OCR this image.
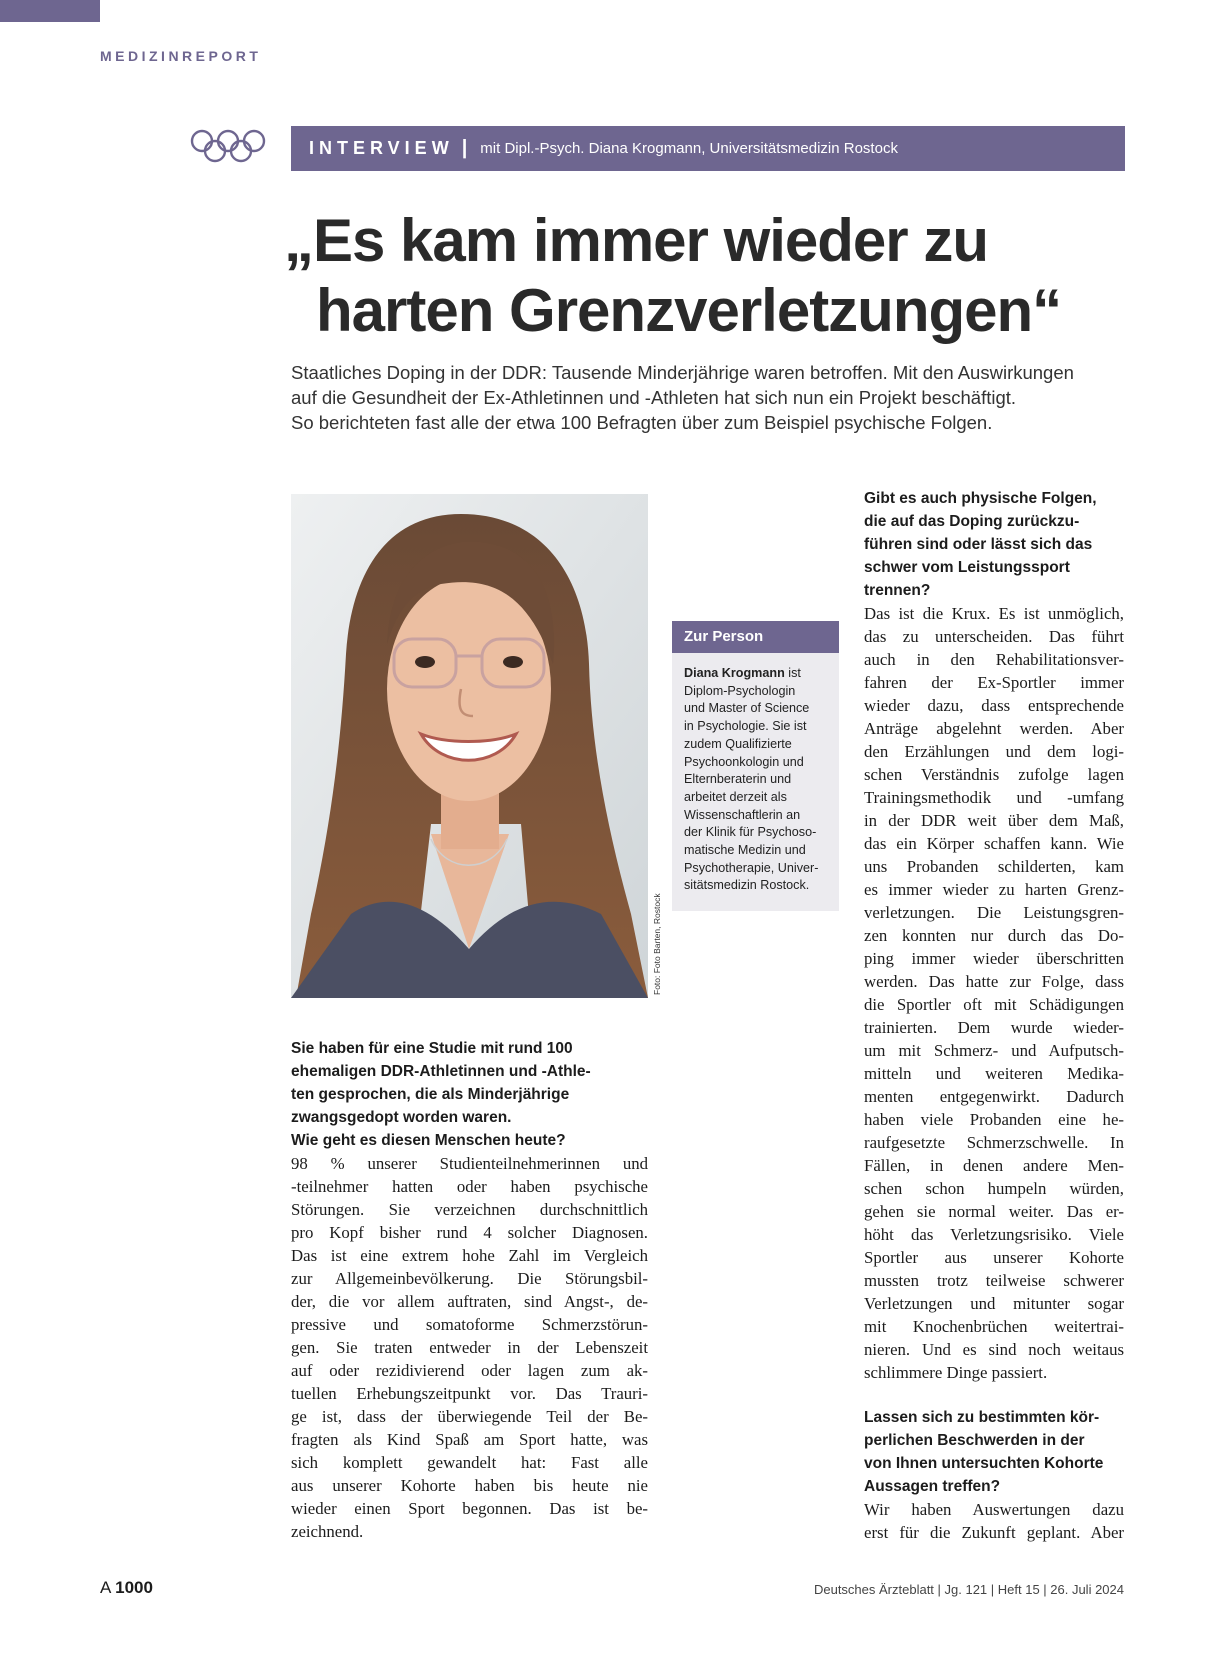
MEDIZINREPORT
INTERVIEW | mit Dipl.-Psych. Diana Krogmann, Universitätsmedizin Rostock
„Es kam immer wieder zu
harten Grenzverletzungen“
Staatliches Doping in der DDR: Tausende Minderjährige waren betroffen. Mit den Auswirkungen
auf die Gesundheit der Ex-Athletinnen und -Athleten hat sich nun ein Projekt beschäftigt.
So berichteten fast alle der etwa 100 Befragten über zum Beispiel psychische Folgen.
Foto: Foto Barten, Rostock
Zur Person
Diana Krogmann ist
Diplom-Psychologin
und Master of Science
in Psychologie. Sie ist
zudem Qualifizierte
Psychoonkologin und
Elternberaterin und
arbeitet derzeit als
Wissenschaftlerin an
der Klinik für Psychoso-
matische Medizin und
Psychotherapie, Univer-
sitätsmedizin Rostock.
Sie haben für eine Studie mit rund 100
ehemaligen DDR-Athletinnen und -Athle-
ten gesprochen, die als Minderjährige
zwangsgedopt worden waren.
Wie geht es diesen Menschen heute?
98 % unserer Studienteilnehmerinnen und
-teilnehmer hatten oder haben psychische
Störungen. Sie verzeichnen durchschnittlich
pro Kopf bisher rund 4 solcher Diagnosen.
Das ist eine extrem hohe Zahl im Vergleich
zur Allgemeinbevölkerung. Die Störungsbil-
der, die vor allem auftraten, sind Angst-, de-
pressive und somatoforme Schmerzstörun-
gen. Sie traten entweder in der Lebenszeit
auf oder rezidivierend oder lagen zum ak-
tuellen Erhebungszeitpunkt vor. Das Trauri-
ge ist, dass der überwiegende Teil der Be-
fragten als Kind Spaß am Sport hatte, was
sich komplett gewandelt hat: Fast alle
aus unserer Kohorte haben bis heute nie
wieder einen Sport begonnen. Das ist be-
zeichnend.
Gibt es auch physische Folgen,
die auf das Doping zurückzu-
führen sind oder lässt sich das
schwer vom Leistungssport
trennen?
Das ist die Krux. Es ist unmöglich,
das zu unterscheiden. Das führt
auch in den Rehabilitationsver-
fahren der Ex-Sportler immer
wieder dazu, dass entsprechende
Anträge abgelehnt werden. Aber
den Erzählungen und dem logi-
schen Verständnis zufolge lagen
Trainingsmethodik und -umfang
in der DDR weit über dem Maß,
das ein Körper schaffen kann. Wie
uns Probanden schilderten, kam
es immer wieder zu harten Grenz-
verletzungen. Die Leistungsgren-
zen konnten nur durch das Do-
ping immer wieder überschritten
werden. Das hatte zur Folge, dass
die Sportler oft mit Schädigungen
trainierten. Dem wurde wieder-
um mit Schmerz- und Aufputsch-
mitteln und weiteren Medika-
menten entgegenwirkt. Dadurch
haben viele Probanden eine he-
raufgesetzte Schmerzschwelle. In
Fällen, in denen andere Men-
schen schon humpeln würden,
gehen sie normal weiter. Das er-
höht das Verletzungsrisiko. Viele
Sportler aus unserer Kohorte
mussten trotz teilweise schwerer
Verletzungen und mitunter sogar
mit Knochenbrüchen weitertrai-
nieren. Und es sind noch weitaus
schlimmere Dinge passiert.
Lassen sich zu bestimmten kör-
perlichen Beschwerden in der
von Ihnen untersuchten Kohorte
Aussagen treffen?
Wir haben Auswertungen dazu
erst für die Zukunft geplant. Aber
A 1000	Deutsches Ärzteblatt | Jg. 121 | Heft 15 | 26. Juli 2024
